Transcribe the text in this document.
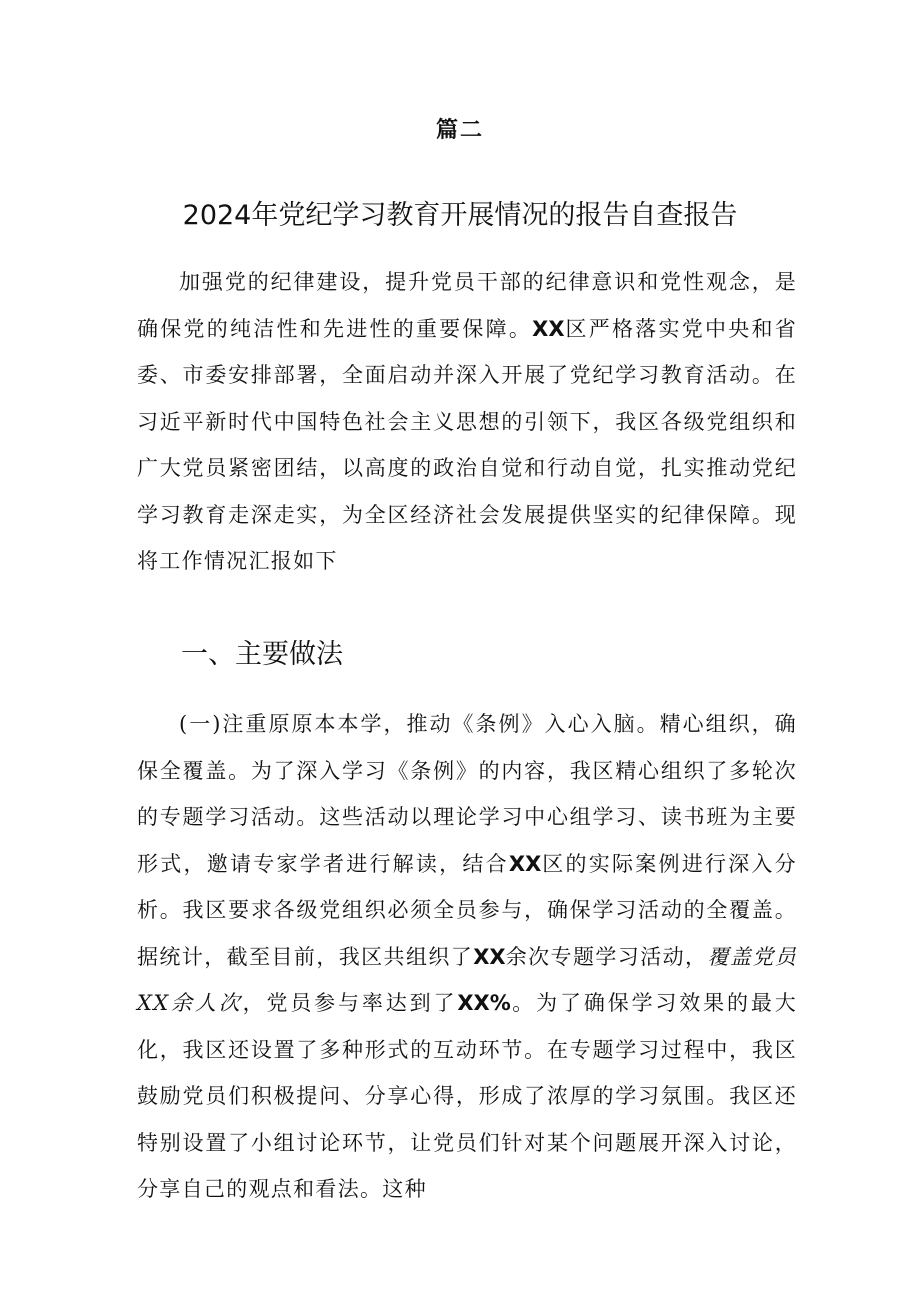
篇二
2024年党纪学习教育开展情况的报告自查报告

加强党的纪律建设，提升党员干部的纪律意识和党性观念，是确保党的纯洁性和先进性的重要保障。XX区严格落实党中央和省委、市委安排部署，全面启动并深入开展了党纪学习教育活动。在习近平新时代中国特色社会主义思想的引领下，我区各级党组织和广大党员紧密团结，以高度的政治自觉和行动自觉，扎实推动党纪学习教育走深走实，为全区经济社会发展提供坚实的纪律保障。现将工作情况汇报如下

一、主要做法

(一)注重原原本本学，推动《条例》入心入脑。精心组织，确保全覆盖。为了深入学习《条例》的内容，我区精心组织了多轮次的专题学习活动。这些活动以理论学习中心组学习、读书班为主要形式，邀请专家学者进行解读，结合XX区的实际案例进行深入分析。我区要求各级党组织必须全员参与，确保学习活动的全覆盖。据统计，截至目前，我区共组织了XX余次专题学习活动，覆盖党员XX余人次，党员参与率达到了XX%。为了确保学习效果的最大化，我区还设置了多种形式的互动环节。在专题学习过程中，我区鼓励党员们积极提问、分享心得，形成了浓厚的学习氛围。我区还特别设置了小组讨论环节，让党员们针对某个问题展开深入讨论，分享自己的观点和看法。这种
